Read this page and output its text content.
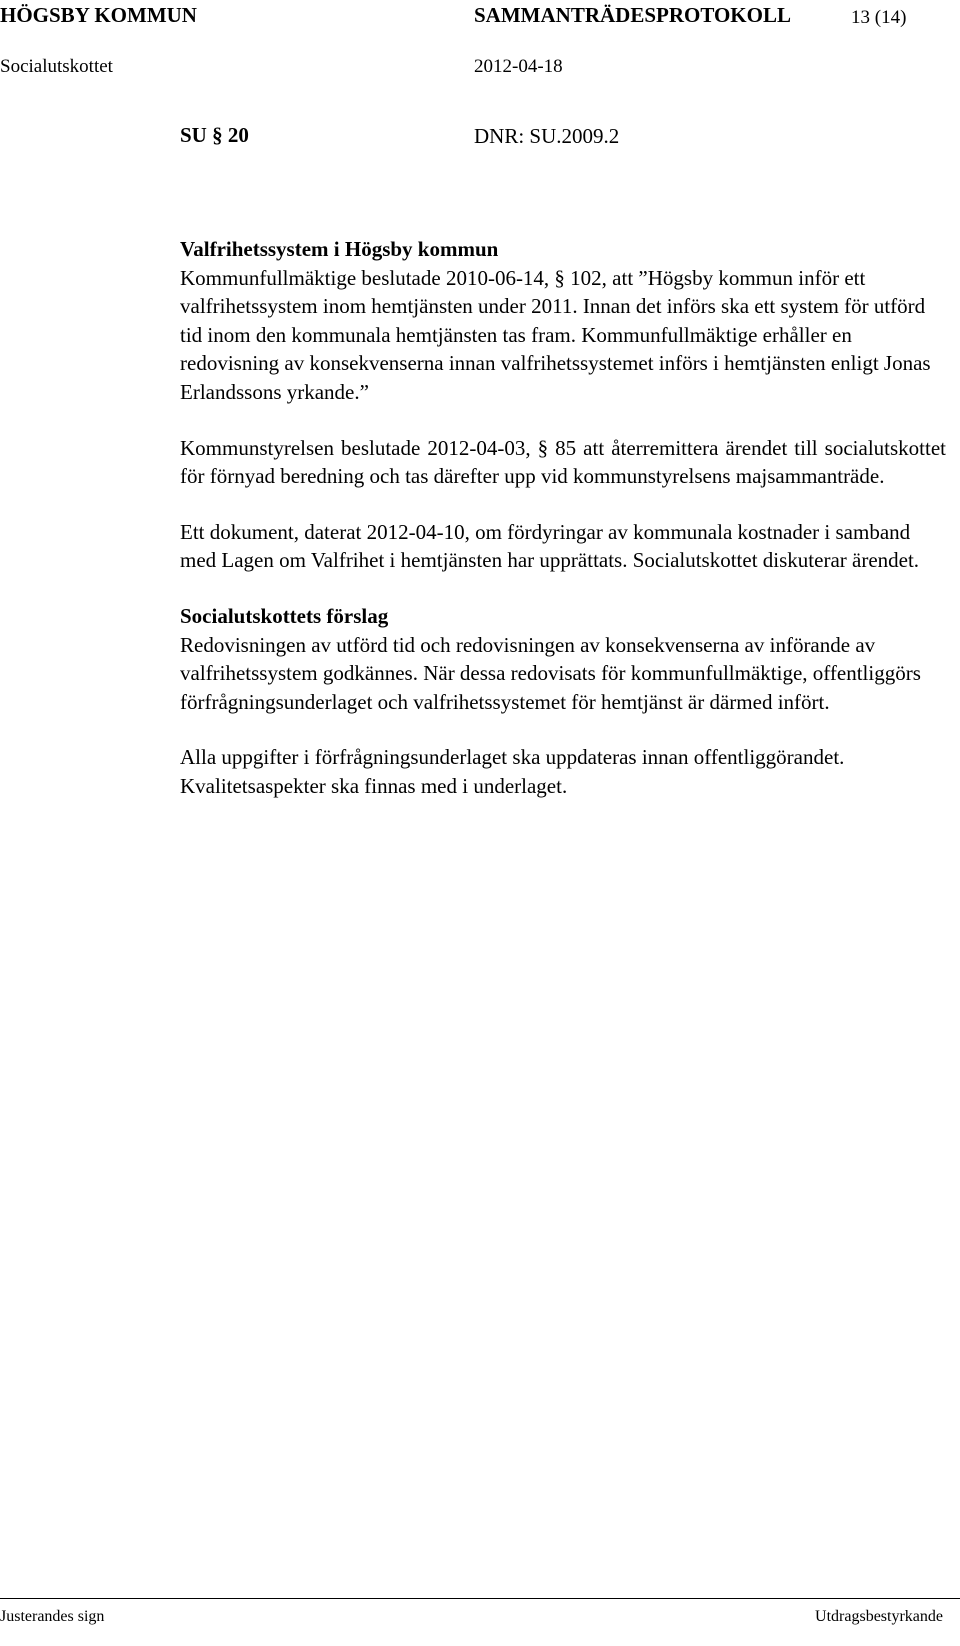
HÖGSBY KOMMUN	SAMMANTRÄDESPROTOKOLL	13 (14)
Socialutskottet	2012-04-18
SU § 20	DNR: SU.2009.2
Valfrihetssystem i Högsby kommun

Kommunfullmäktige beslutade 2010-06-14, § 102, att ”Högsby kommun inför ett valfrihetssystem inom hemtjänsten under 2011. Innan det införs ska ett system för utförd tid inom den kommunala hemtjänsten tas fram. Kommunfullmäktige erhåller en redovisning av konsekvenserna innan valfrihetssystemet införs i hemtjänsten enligt Jonas Erlandssons yrkande.”

Kommunstyrelsen beslutade 2012-04-03, § 85 att återremittera ärendet till socialutskottet för förnyad beredning och tas därefter upp vid kommunstyrelsens majsammanträde.

Ett dokument, daterat 2012-04-10, om fördyringar av kommunala kostnader i samband med Lagen om Valfrihet i hemtjänsten har upprättats. Socialutskottet diskuterar ärendet.

Socialutskottets förslag

Redovisningen av utförd tid och redovisningen av konsekvenserna av införande av valfrihetssystem godkännes. När dessa redovisats för kommunfullmäktige, offentliggörs förfrågningsunderlaget och valfrihetssystemet för hemtjänst är därmed infört.

Alla uppgifter i förfrågningsunderlaget ska uppdateras innan offentliggörandet. Kvalitetsaspekter ska finnas med i underlaget.

Justerandes sign	Utdragsbestyrkande
